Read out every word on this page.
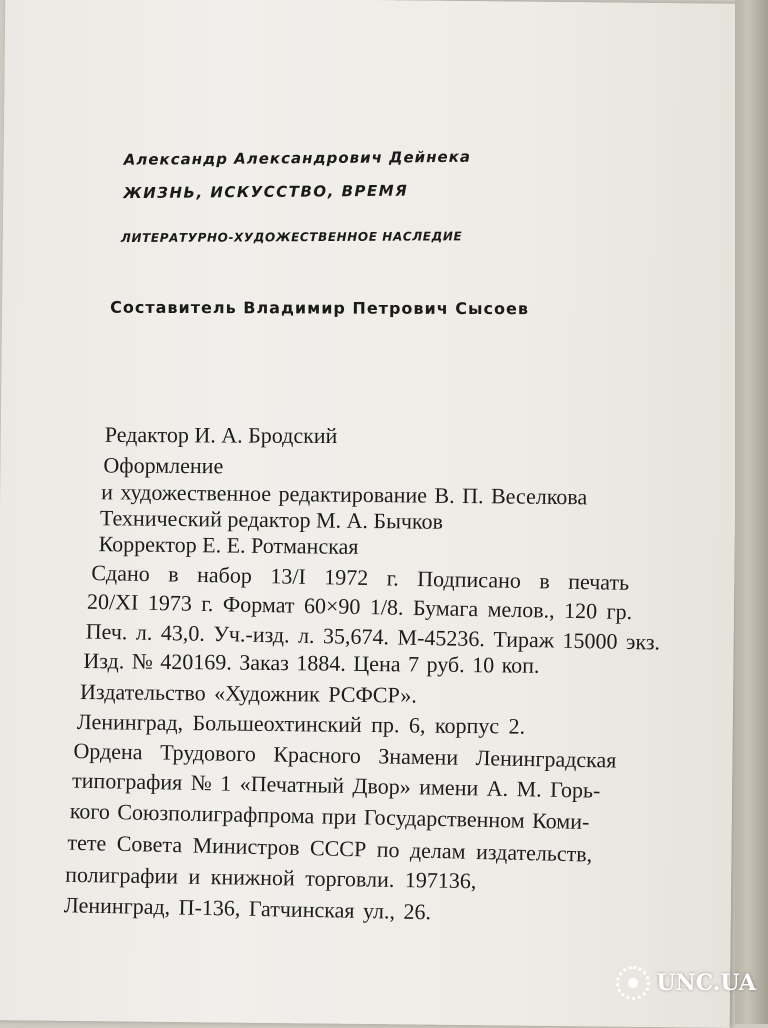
Александр Александрович Дейнека
ЖИЗНЬ, ИСКУССТВО, ВРЕМЯ
ЛИТЕРАТУРНО-ХУДОЖЕСТВЕННОЕ НАСЛЕДИЕ
Составитель Владимир Петрович Сысоев
Редактор И. А. Бродский
Оформление
и художественное редактирование В. П. Веселкова
Технический редактор М. А. Бычков
Корректор Е. Е. Ротманская
Сдано в набор 13/I 1972 г. Подписано в печать
20/XI 1973 г. Формат 60×90 1/8. Бумага мелов., 120 гр.
Печ. л. 43,0. Уч.-изд. л. 35,674. М-45236. Тираж 15000 экз.
Изд. № 420169. Заказ 1884. Цена 7 руб. 10 коп.
Издательство «Художник РСФСР».
Ленинград, Большеохтинский пр. 6, корпус 2.
Ордена Трудового Красного Знамени Ленинградская
типография № 1 «Печатный Двор» имени А. М. Горь-
кого Союзполиграфпрома при Государственном Коми-
тете Совета Министров СССР по делам издательств,
полиграфии и книжной торговли. 197136,
Ленинград, П-136, Гатчинская ул., 26.
UNC.UA
